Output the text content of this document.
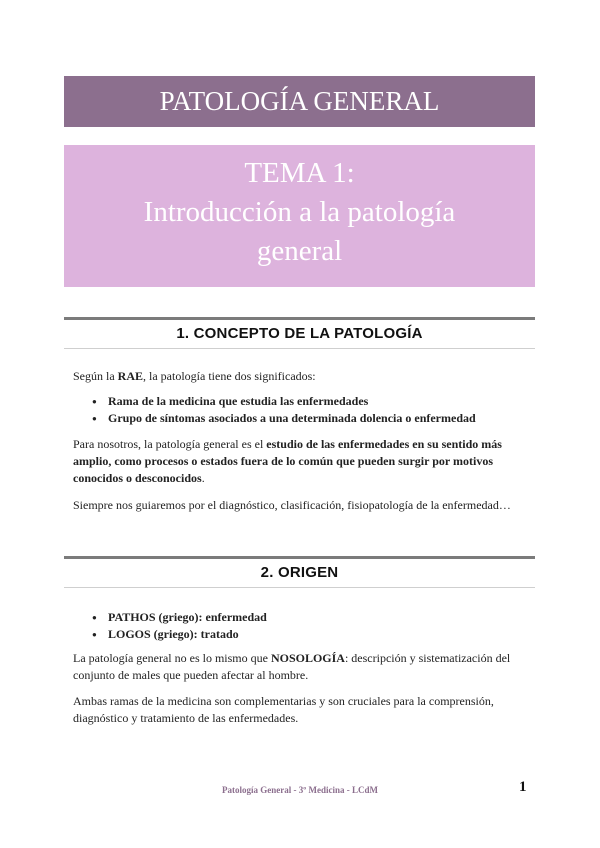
PATOLOGÍA GENERAL
TEMA 1:
Introducción a la patología
general
1. CONCEPTO DE LA PATOLOGÍA

Según la RAE, la patología tiene dos significados:

● Rama de la medicina que estudia las enfermedades
● Grupo de síntomas asociados a una determinada dolencia o enfermedad

Para nosotros, la patología general es el estudio de las enfermedades en su sentido más amplio, como procesos o estados fuera de lo común que pueden surgir por motivos conocidos o desconocidos.

Siempre nos guiaremos por el diagnóstico, clasificación, fisiopatología de la enfermedad…

2. ORIGEN
● PATHOS (griego): enfermedad
● LOGOS (griego): tratado

La patología general no es lo mismo que NOSOLOGÍA: descripción y sistematización del conjunto de males que pueden afectar al hombre.

Ambas ramas de la medicina son complementarias y son cruciales para la comprensión, diagnóstico y tratamiento de las enfermedades.

Patología General - 3º Medicina - LCdM	1
